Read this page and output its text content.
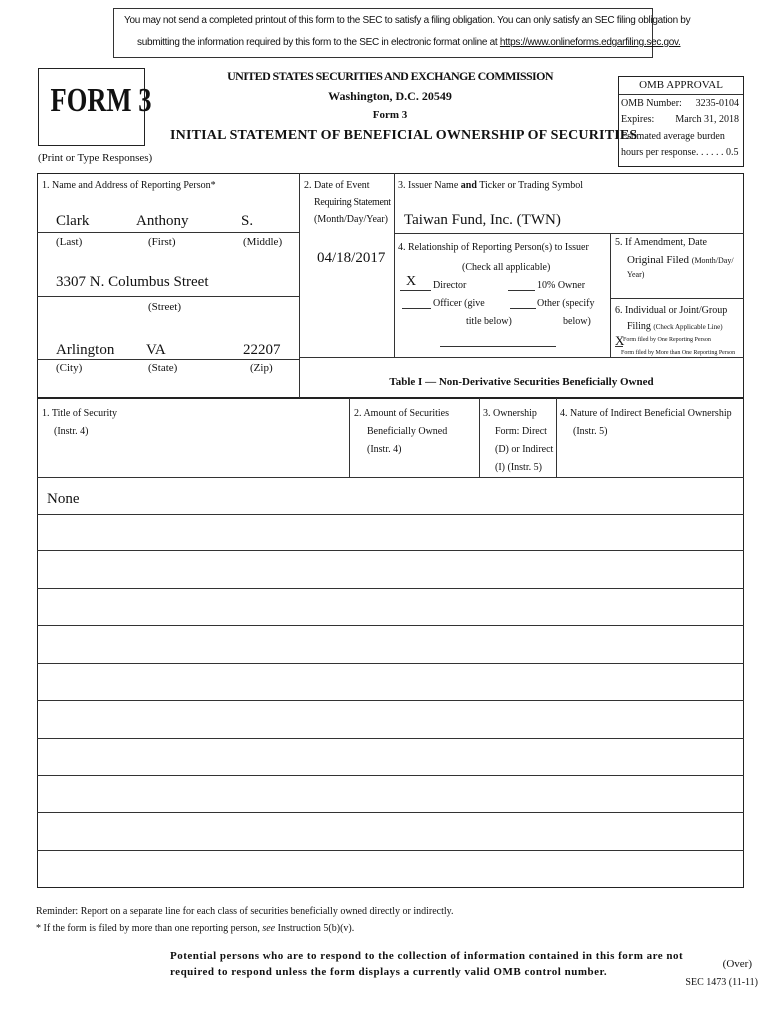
You may not send a completed printout of this form to the SEC to satisfy a filing obligation. You can only satisfy an SEC filing obligation by
submitting the information required by this form to the SEC in electronic format online at https://www.onlineforms.edgarfiling.sec.gov.
FORM 3
UNITED STATES SECURITIES AND EXCHANGE COMMISSION
Washington, D.C. 20549
Form 3
INITIAL STATEMENT OF BENEFICIAL OWNERSHIP OF SECURITIES
(Print or Type Responses)
OMB APPROVAL
OMB Number: 3235-0104
Expires: March 31, 2018
Estimated average burden
hours per response. . . . . . 0.5
1. Name and Address of Reporting Person*
Clark	Anthony	S.
(Last)	(First)	(Middle)
3307 N. Columbus Street
(Street)
Arlington VA	22207
(City)	(State)	(Zip)
2. Date of Event
Requiring Statement
(Month/Day/Year)
04/18/2017
3. Issuer Name and Ticker or Trading Symbol
Taiwan Fund, Inc. (TWN)
4. Relationship of Reporting Person(s) to Issuer
(Check all applicable)
X Director	10% Owner
Officer (give
title below)
Other (specify
below)
5. If Amendment, Date
Original Filed (Month/Day/
Year)
6. Individual or Joint/Group
Filing (Check Applicable Line)
X
Form filed by One Reporting Person
Form filed by More than One Reporting Person
Table I — Non-Derivative Securities Beneficially Owned
1. Title of Security
(Instr. 4)
2. Amount of Securities
Beneficially Owned
(Instr. 4)
3. Ownership
Form: Direct
(D) or Indirect
(I) (Instr. 5)
4. Nature of Indirect Beneficial Ownership
(Instr. 5)
None
Reminder: Report on a separate line for each class of securities beneficially owned directly or indirectly.
* If the form is filed by more than one reporting person, see Instruction 5(b)(v).
Potential persons who are to respond to the collection of information contained in this form are not
required to respond unless the form displays a currently valid OMB control number.
(Over)
SEC 1473 (11-11)
